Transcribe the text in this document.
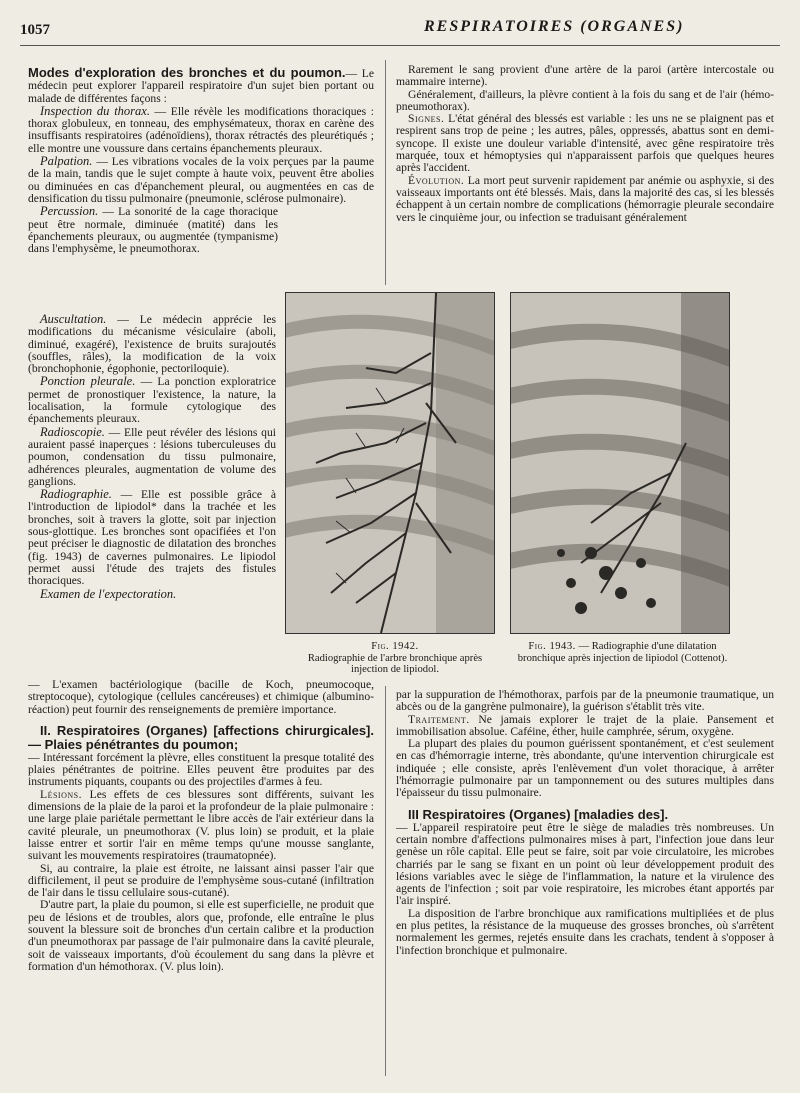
1057	RESPIRATOIRES (ORGANES)

Modes d'exploration des bronches et du poumon.— Le médecin peut explorer l'appareil respiratoire d'un sujet bien portant ou malade de différentes façons :

Inspection du thorax. — Elle révèle les modifications thoraciques : thorax globuleux, en tonneau, des emphysémateux, thorax en carène des insuffisants respiratoires (adénoïdiens), thorax rétractés des pleurétiqués ; elle montre une voussure dans certains épanchements pleuraux.

Palpation. — Les vibrations vocales de la voix perçues par la paume de la main, tandis que le sujet compte à haute voix, peuvent être abolies ou diminuées en cas d'épanchement pleural, ou augmentées en cas de densification du tissu pulmonaire (pneumonie, sclérose pulmonaire).

Percussion. — La sonorité de la cage thoracique peut être normale, diminuée (matité) dans les épanchements pleuraux, ou augmentée (tympanisme) dans l'emphysème, le pneumothorax.

Auscultation. — Le médecin apprécie les modifications du mécanisme vésiculaire (aboli, diminué, exagéré), l'existence de bruits surajoutés (souffles, râles), la modification de la voix (bronchophonie, égophonie, pectoriloquie).

Ponction pleurale. — La ponction exploratrice permet de pronostiquer l'existence, la nature, la localisation, la formule cytologique des épanchements pleuraux.

Radioscopie. — Elle peut révéler des lésions qui auraient passé inaperçues : lésions tuberculeuses du poumon, condensation du tissu pulmonaire, adhérences pleurales, augmentation de volume des ganglions.

Radiographie. — Elle est possible grâce à l'introduction de lipiodol* dans la trachée et les bronches, soit à travers la glotte, soit par injection sous-glottique. Les bronches sont opacifiées et l'on peut préciser le diagnostic de dilatation des bronches (fig. 1943) de cavernes pulmonaires. Le lipiodol permet aussi l'étude des trajets des fistules thoraciques.

Examen de l'expectoration.

— L'examen bactériologique (bacille de Koch, pneumocoque, streptocoque), cytologique (cellules cancéreuses) et chimique (albumino-réaction) peut fournir des renseignements de première importance.

II. Respiratoires (Organes) [affections chirurgicales]. — Plaies pénétrantes du poumon;

— Intéressant forcément la plèvre, elles constituent la presque totalité des plaies pénétrantes de poitrine. Elles peuvent être produites par des instruments piquants, coupants ou des projectiles d'armes à feu.

Lésions. Les effets de ces blessures sont différents, suivant les dimensions de la plaie de la paroi et la profondeur de la plaie pulmonaire : une large plaie pariétale permettant le libre accès de l'air extérieur dans la cavité pleurale, un pneumothorax (V. plus loin) se produit, et la plaie laisse entrer et sortir l'air en même temps qu'une mousse sanglante, suivant les mouvements respiratoires (traumatopnée).

Si, au contraire, la plaie est étroite, ne laissant ainsi passer l'air que difficilement, il peut se produire de l'emphysème sous-cutané (infiltration de l'air dans le tissu cellulaire sous-cutané).

D'autre part, la plaie du poumon, si elle est superficielle, ne produit que peu de lésions et de troubles, alors que, profonde, elle entraîne le plus souvent la blessure soit de bronches d'un certain calibre et la production d'un pneumothorax par passage de l'air pulmonaire dans la cavité pleurale, soit de vaisseaux importants, d'où écoulement du sang dans la plèvre et formation d'un hémothorax. (V. plus loin).

Rarement le sang provient d'une artère de la paroi (artère intercostale ou mammaire interne).

Généralement, d'ailleurs, la plèvre contient à la fois du sang et de l'air (hémo-pneumothorax).

Signes. L'état général des blessés est variable : les uns ne se plaignent pas et respirent sans trop de peine ; les autres, pâles, oppressés, abattus sont en demi-syncope. Il existe une douleur variable d'intensité, avec gêne respiratoire très marquée, toux et hémoptysies qui n'apparaissent parfois que quelques heures après l'accident.

Évolution. La mort peut survenir rapidement par anémie ou asphyxie, si des vaisseaux importants ont été blessés. Mais, dans la majorité des cas, si les blessés échappent à un certain nombre de complications (hémorragie pleurale secondaire vers le cinquième jour, ou infection se traduisant généralement

Fig. 1942.
Radiographie de l'arbre bronchique après injection de lipiodol.
Fig. 1943. — Radiographie d'une dilatation bronchique après injection de lipiodol (Cottenot).

par la suppuration de l'hémothorax, parfois par de la pneumonie traumatique, un abcès ou de la gangrène pulmonaire), la guérison s'établit très vite.

Traitement. Ne jamais explorer le trajet de la plaie. Pansement et immobilisation absolue. Caféine, éther, huile camphrée, sérum, oxygène.

La plupart des plaies du poumon guérissent spontanément, et c'est seulement en cas d'hémorragie interne, très abondante, qu'une intervention chirurgicale est indiquée ; elle consiste, après l'enlèvement d'un volet thoracique, à arrêter l'hémorragie pulmonaire par un tamponnement ou des sutures multiples dans l'épaisseur du tissu pulmonaire.

III Respiratoires (Organes) [maladies des].

— L'appareil respiratoire peut être le siège de maladies très nombreuses. Un certain nombre d'affections pulmonaires mises à part, l'infection joue dans leur genèse un rôle capital. Elle peut se faire, soit par voie circulatoire, les microbes charriés par le sang se fixant en un point où leur développement produit des lésions variables avec le siège de l'inflammation, la nature et la virulence des agents de l'infection ; soit par voie respiratoire, les microbes étant apportés par l'air inspiré.

La disposition de l'arbre bronchique aux ramifications multipliées et de plus en plus petites, la résistance de la muqueuse des grosses bronches, où s'arrêtent normalement les germes, rejetés ensuite dans les crachats, tendent à s'opposer à l'infection bronchique et pulmonaire.
